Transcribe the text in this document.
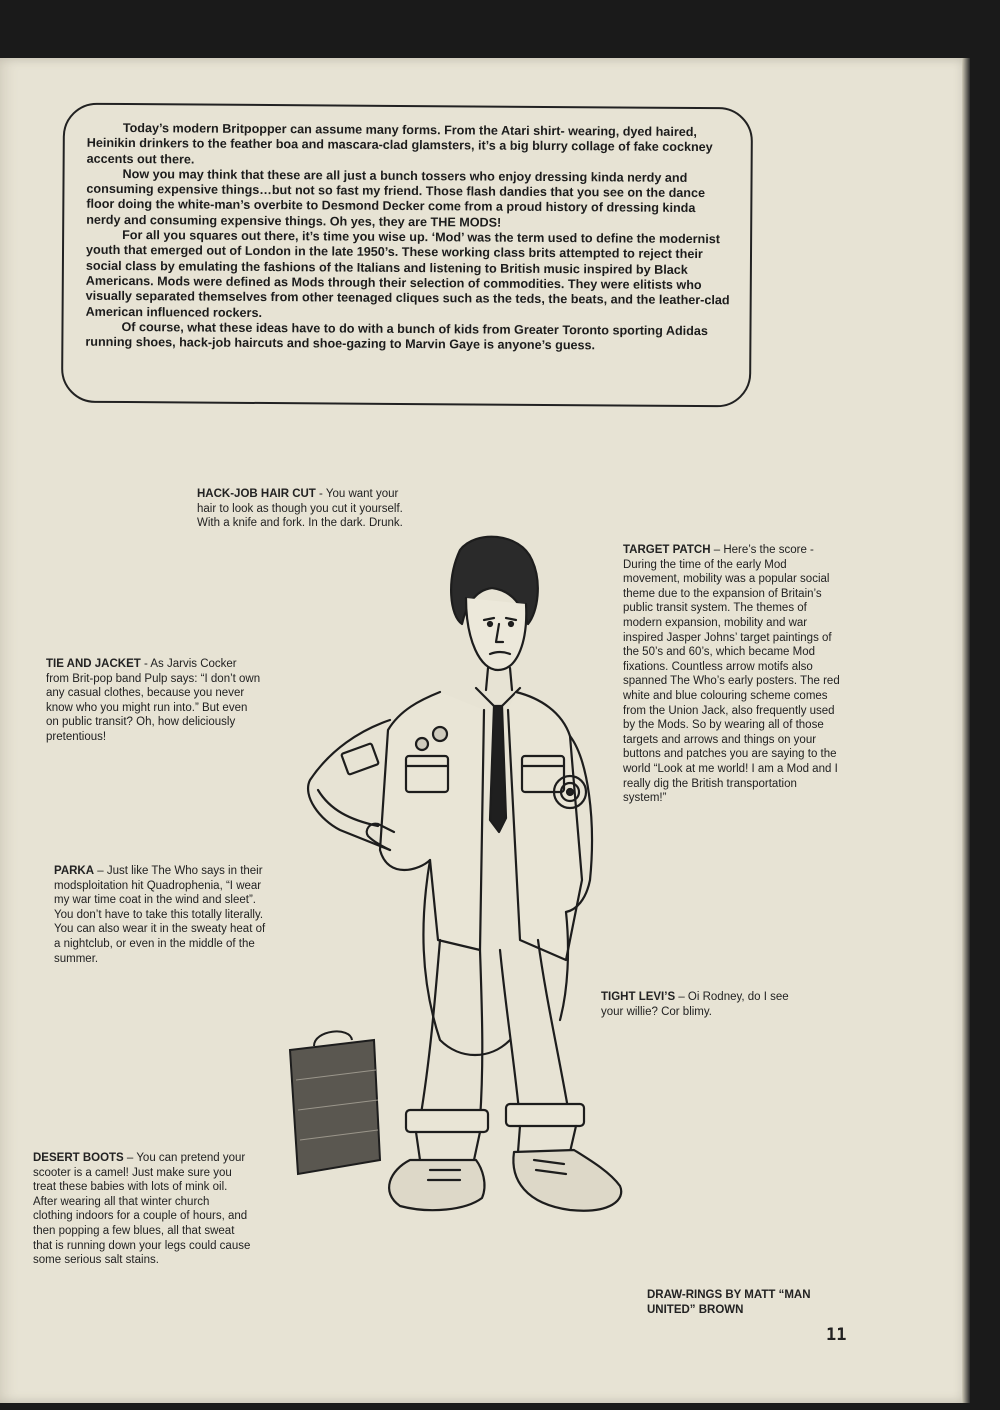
Today’s modern Britpopper can assume many forms. From the Atari shirt- wearing, dyed haired, Heinikin drinkers to the feather boa and mascara-clad glamsters, it’s a big blurry collage of fake cockney accents out there.

Now you may think that these are all just a bunch tossers who enjoy dressing kinda nerdy and consuming expensive things…but not so fast my friend. Those flash dandies that you see on the dance floor doing the white-man’s overbite to Desmond Decker come from a proud history of dressing kinda nerdy and consuming expensive things. Oh yes, they are THE MODS!

For all you squares out there, it’s time you wise up. ‘Mod’ was the term used to define the modernist youth that emerged out of London in the late 1950’s. These working class brits attempted to reject their social class by emulating the fashions of the Italians and listening to British music inspired by Black Americans. Mods were defined as Mods through their selection of commodities. They were elitists who visually separated themselves from other teenaged cliques such as the teds, the beats, and the leather-clad American influenced rockers.

Of course, what these ideas have to do with a bunch of kids from Greater Toronto sporting Adidas running shoes, hack-job haircuts and shoe-gazing to Marvin Gaye is anyone’s guess.

HACK-JOB HAIR CUT - You want your hair to look as though you cut it yourself. With a knife and fork. In the dark. Drunk.
TARGET PATCH – Here’s the score - During the time of the early Mod movement, mobility was a popular social theme due to the expansion of Britain’s public transit system. The themes of modern expansion, mobility and war inspired Jasper Johns’ target paintings of the 50’s and 60’s, which became Mod fixations. Countless arrow motifs also spanned The Who’s early posters. The red white and blue colouring scheme comes from the Union Jack, also frequently used by the Mods. So by wearing all of those targets and arrows and things on your buttons and patches you are saying to the world “Look at me world! I am a Mod and I really dig the British transportation system!”
TIE AND JACKET - As Jarvis Cocker from Brit-pop band Pulp says: “I don’t own any casual clothes, because you never know who you might run into.” But even on public transit? Oh, how deliciously pretentious!
PARKA – Just like The Who says in their modsploitation hit Quadrophenia, “I wear my war time coat in the wind and sleet”. You don’t have to take this totally literally. You can also wear it in the sweaty heat of a nightclub, or even in the middle of the summer.
TIGHT LEVI’S – Oi Rodney, do I see your willie? Cor blimy.
DESERT BOOTS – You can pretend your scooter is a camel! Just make sure you treat these babies with lots of mink oil. After wearing all that winter church clothing indoors for a couple of hours, and then popping a few blues, all that sweat that is running down your legs could cause some serious salt stains.
DRAW-RINGS BY MATT “MAN UNITED” BROWN
11
